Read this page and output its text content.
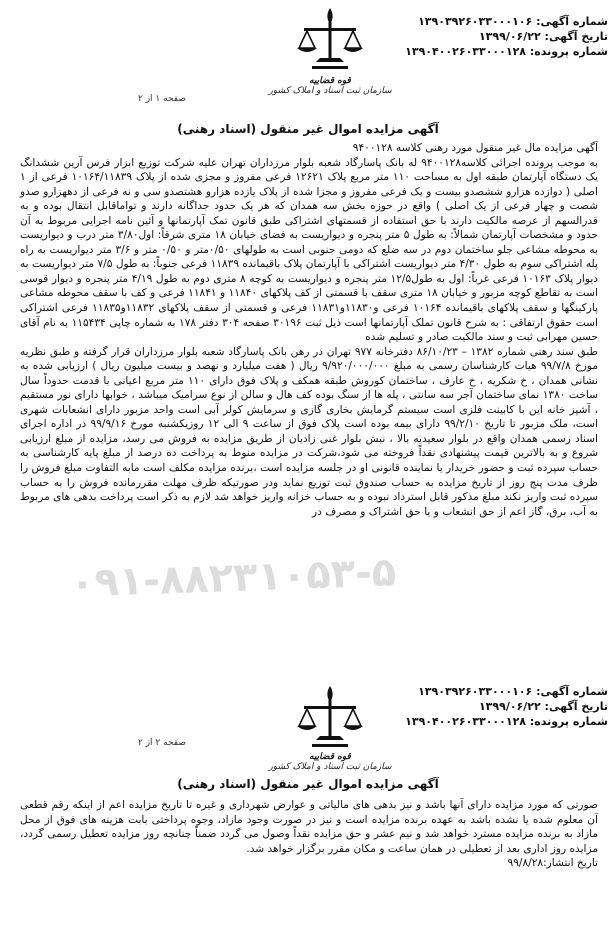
شماره آگهی: ۱۳۹۰۳۹۲۶۰۳۳۰۰۰۱۰۶
تاریخ آگهی: ۱۳۹۹/۰۶/۲۲
شماره پرونده: ۱۳۹۰۴۰۰۲۶۰۳۳۰۰۰۱۲۸
قوه قضاییه
سازمان ثبت اسناد و املاک کشور
صفحه ۱ از ۲
آگهی مزایده اموال غیر منقول (اسناد رهنی)

آگهی مزایده مال غیر منقول مورد رهنی کلاسه ۹۴۰۰۱۲۸

به موجب پرونده اجرائی کلاسه۹۴۰۰۱۲۸ له بانک پاسارگاد شعبه بلوار مرزداران تهران علیه شرکت توزیع ابزار فرس آرین ششدانگ یک دستگاه آپارتمان طبقه اول به مساحت ۱۱۰ متر مربع پلاک ۱۲۶۲۱ فرعی مفروز و مجزی شده از پلاک ۱۰۱۶۴/۱۱۸۳۹ فرعی از ۱ اصلی ( دوازده هزارو ششصدو بیست و یک فرعی مفروز و مجزا شده از پلاک یازده هزارو هشتصدو سی و نه فرعی از دههزارو صدو شصت و چهار فرعی از یک اصلی ) واقع در حوزه بخش سه همدان که هر یک حدود جداگانه دارند و تواماقابل انتقال بوده و به قدرالسهم از عرصه مالکیت دارند با حق استفاده از قسمتهای اشتراکی طبق قانون تمک آپارتمانها و آئین نامه اجرایی مربوط به آن حدود و مشخصات آپارتمان شمالاً: به طول ۵ متر پنجره و دیواریست به فضای خیابان ۱۸ متری شرقاً: اول۳/۸۰ متر درب و دیواریست به محوطه مشاعی جلو ساختمان دوم در سه ضلع که دومی جنوبی است به طولهای ۰/۵۰متر و ۰/۵۰ متر و ۳/۶ متر دیواریست به راه پله اشتراکی سوم به طول ۴/۳۰ متر دیواریست اشتراکی با آپارتمان پلاک باقیمانده ۱۱۸۳۹ فرعی جنوباً: به طول ۷/۵ متر دیواریست به دیوار پلاک ۱۰۱۶۳ فرعی غرباً: اول به طول۱۲/۵ متر پنجره و دیواریست به کوچه ۸ متری دوم به طول ۴/۱۹ متر پنجره و دیوار قوسی است به تقاطع کوچه مزبور و خیابان ۱۸ متری سقف با قسمتی از کف پلاکهای ۱۱۸۴۰ و ۱۱۸۴۱ فرعی و کف با سقف محوطه مشاعی پارکینگها و سقف پلاکهای باقیمانده ۱۰۱۶۴ فرعی و۱۱۸۳۰و۱۱۸۳۱ فرعی و قسمتی از سقف پلاکهای ۱۱۸۳۲و۱۱۸۳۵ فرعی اشتراکی است حقوق ارتفاقی : به شرح قانون تملک آپارتمانها است ذیل ثبت ۳۰۱۹۶ صفحه ۳۰۴ دفتر ۱۷۸ به شماره چاپی ۱۱۵۴۳۴ به نام آقای حسین مهرابی ثبت و سند مالکیت صادر و تسلیم شده

طبق سند رهنی شماره ۱۳۸۲ – ۸۶/۱۰/۲۳ دفترخانه ۹۷۷ تهران در رهن بانک پاسارگاد شعبه بلوار مرزداران قرار گرفته و طبق نظریه مورخ ۹۹/۷/۸ هیات کارشناسان رسمی به مبلغ ۹/۹۲۰/۰۰۰/۰۰۰ ریال ( هفت میلیارد و نهصد و بیست میلیون ریال ) ارزیابی شده به نشانی همدان ، خ شکریه ، خ عارف ، ساختمان کوروش طبقه همکف و پلاک فوق دارای ۱۱۰ متر مربع اعیانی با قدمت حدوداً سال ساخت ۱۳۸۰ نمای ساختمان آجر سه سانتی ، پله ها از سنگ بوده کف هال و سالن از نوع سرامیک میباشد ، خوابها دارای نور مستقیم ، آشپز خانه این با کابینت فلزی است سیستم گرمایش بخاری گازی و سرمایش کولر آبی است واحد مزبور دارای انشعابات شهری است، ملک مزبور تا تاریخ ۹۹/۲/۱۰ دارای بیمه بوده است پلاک فوق از ساعت ۹ الی ۱۲ روزیکشنبه مورخ ۹۹/۹/۱۶ در اداره اجرای اسناد رسمی همدان واقع در بلوار سعیدیه بالا ، نبش بلوار غنی زادیان از طریق مزایده به فروش می رسد، مزایده از مبلغ ارزیابی شروع و به بالاترین قیمت پیشنهادی نقداً فروخته می شود،شرکت در مزایده منوط به پرداخت ده درصد از مبلغ پایه کارشناسی به حساب سپرده ثبت و حضور خریدار یا نماینده قانونی او در جلسه مزایده است ،برنده مزایده مکلف است مابه التفاوت مبلغ فروش را ظرف مدت پنج روز از تاریخ مزایده به حساب صندوق ثبت توزیع نماید ودر صورتیکه ظرف مهلت مقررمانده فروش را به حساب سپرده ثبت واریز نکند مبلغ مذکور قابل استرداد نبوده و به حساب خزانه واریز خواهد شد لازم به ذکر است پرداخت بدهی های مربوط به آب، برق، گاز اعم از حق انشعاب و یا حق اشتراک و مصرف در

۰۹۱-۸۸۲۳۱۰۵۳-۵
شماره آگهی: ۱۳۹۰۳۹۲۶۰۳۳۰۰۰۱۰۶
تاریخ آگهی: ۱۳۹۹/۰۶/۲۲
شماره پرونده: ۱۳۹۰۴۰۰۲۶۰۳۳۰۰۰۱۲۸
قوه قضاییه
سازمان ثبت اسناد و املاک کشور
صفحه ۲ از ۲
آگهی مزایده اموال غیر منقول (اسناد رهنی)

صورتی که مورد مزایده دارای آنها باشد و نیز بدهی های مالیاتی و عوارض شهرداری و غیره تا تاریخ مزایده اعم از اینکه رقم قطعی آن معلوم شده یا نشده باشد به عهده برنده مزایده است و نیز در صورت وجود مازاد، وجوه پرداختی بابت هزینه های فوق از محل مازاد به برنده مزایده مسترد خواهد شد و نیم عشر و حق مزایده نقداً وصول می گردد ضمناً چنانچه روز مزایده تعطیل رسمی گردد، مزایده روز اداری بعد از تعطیلی در همان ساعت و مکان مقرر برگزار خواهد شد.

تاریخ انتشار:۹۹/۸/۲۸
